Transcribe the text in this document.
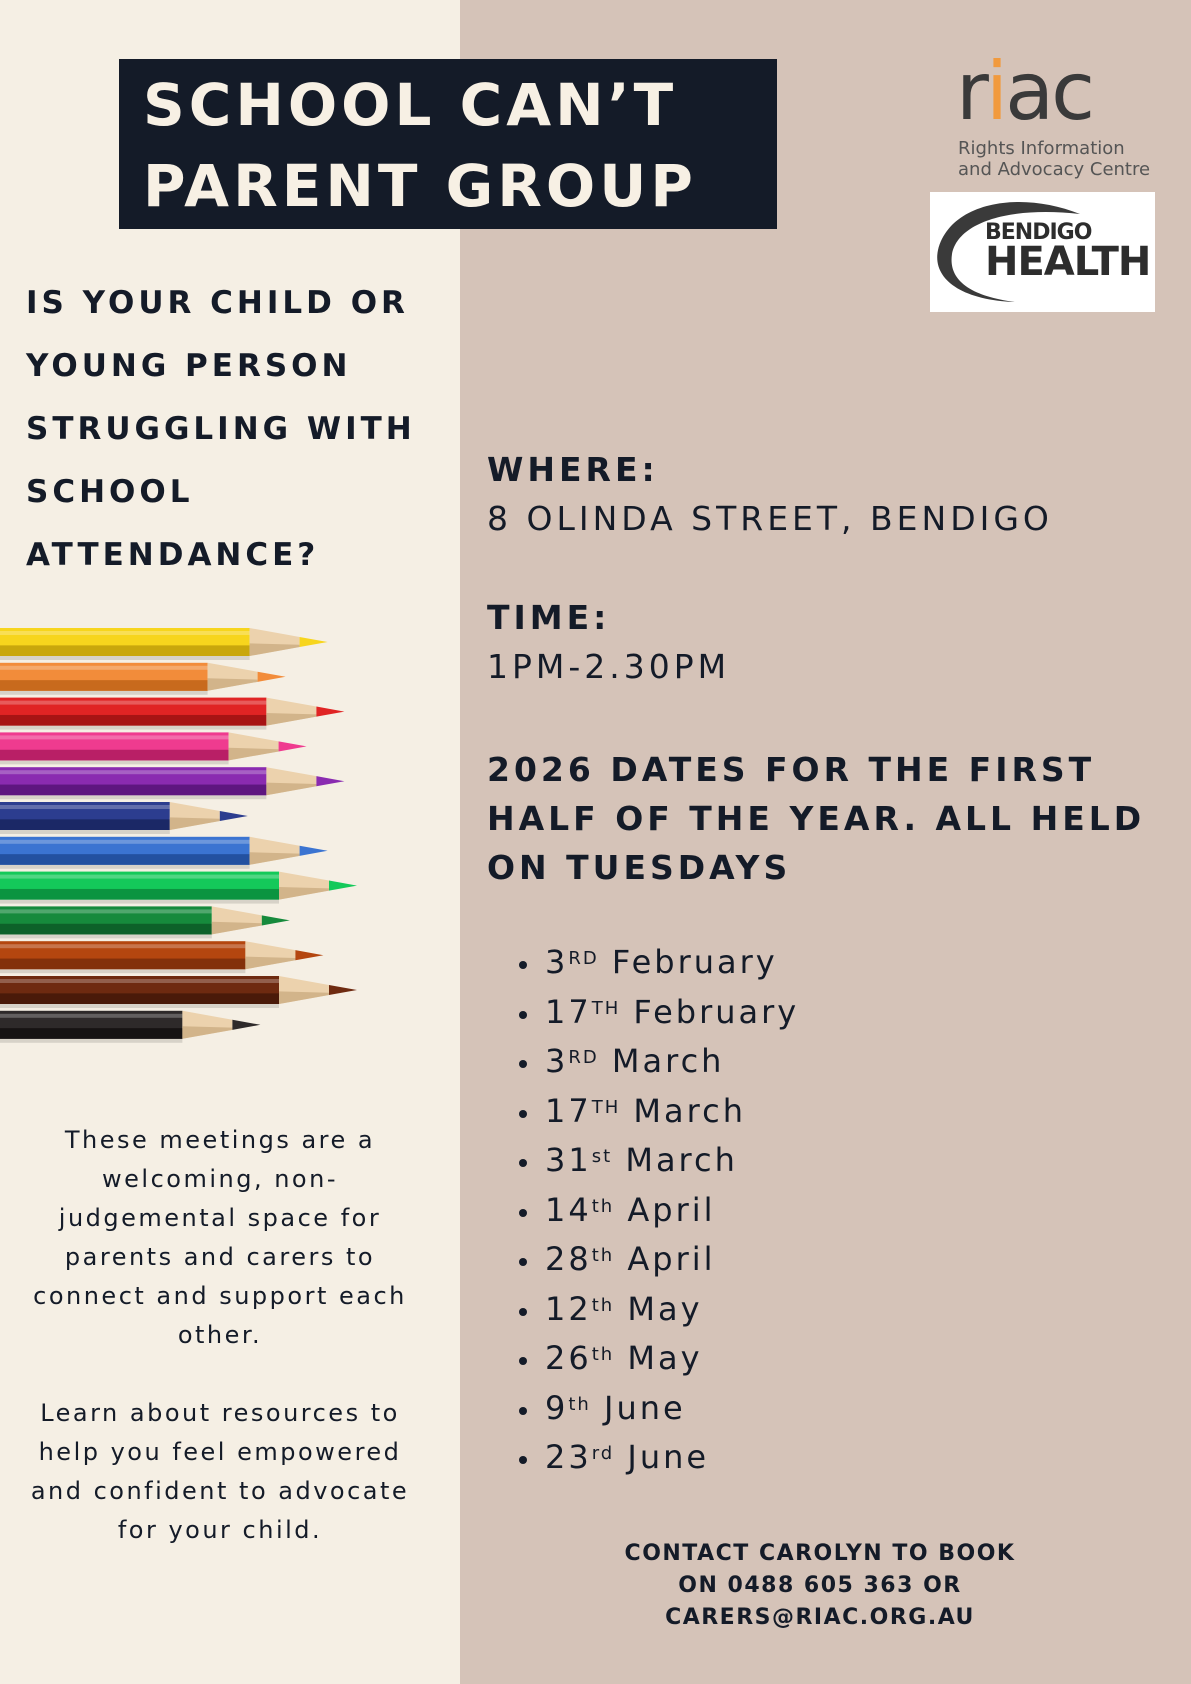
SCHOOL CAN’T
PARENT GROUP
IS YOUR CHILD OR
YOUNG PERSON
STRUGGLING WITH
SCHOOL
ATTENDANCE?
These meetings are a welcoming, non-judgemental space for parents and carers to connect and support each other.
Learn about resources to help you feel empowered and confident to advocate for your child.
riac
Rights Information
and Advocacy Centre
BENDIGO
HEALTH
WHERE:
8 OLINDA STREET, BENDIGO
TIME:
1PM-2.30PM
2026 DATES FOR THE FIRST HALF OF THE YEAR. ALL HELD ON TUESDAYS
3RD February
17TH February
3RD March
17TH March
31st March
14th April
28th April
12th May
26th May
9th June
23rd June
CONTACT CAROLYN TO BOOK
ON 0488 605 363 OR
CARERS@RIAC.ORG.AU
